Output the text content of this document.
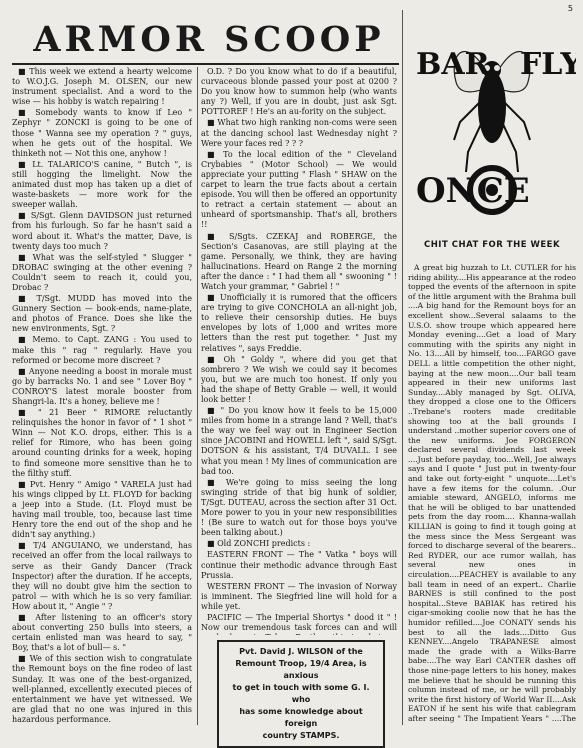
5
ARMOR SCOOP

■ This week we extend a hearty welcome to W.O.J.G. Joseph M. OLSEN, our new instrument specialist. And a word to the wise — his hobby is watch repairing !

■ Somebody wants to know if Leo " Zephyr " ZONCKI is going to be one of those " Wanna see my operation ? " guys, when he gets out of the hospital. We thinketh not — Not this one, anyhow !

■ Lt. TALARICO'S canine, " Butch ", is still hogging the limelight. Now the animated dust mop has taken up a diet of waste-baskets — more work for the sweeper wallah.

■ S/Sgt. Glenn DAVIDSON just returned from his furlough. So far he hasn't said a word about it. What's the matter, Dave, is twenty days too much ?

■ What was the self-styled " Slugger " DROBAC swinging at the other evening ? Couldn't seem to reach it, could you, Drobac ?

■ T/Sgt. MUDD has moved into the Gunnery Section — book-ends, name-plate, and photos of France. Does she like the new environments, Sgt. ?

■ Memo. to Capt. ZANG : You used to make this " rag " regularly. Have you reformed or become more discreet ?

■ Anyone needing a boost in morale must go by barracks No. 1 and see " Lover Boy " CONROY'S latest morale booster from Shangri-la. It's a honey, believe me !

■ " 21 Beer " RIMORE reluctantly relinquishes the honor in favor of " 1 shot " Winn — Not K.O. drops, either. This is a relief for Rimore, who has been going around counting drinks for a week, hoping to find someone more sensitive than he to the filthy stuff.

■ Pvt. Henry " Amigo " VARELA just had his wings clipped by Lt. FLOYD for backing a jeep into a Stude. (Lt. Floyd must be having mail trouble, too, because last time Henry tore the end out of the shop and he didn't say anything.)

■ T/4 ANGUIANO, we understand, has received an offer from the local railways to serve as their Gandy Dancer (Track Inspector) after the duration. If he accepts, they will no doubt give him the section to patrol — with which he is so very familiar. How about it, " Angie " ?

■ After listening to an officer's story about converting 250 bulls into steers, a certain enlisted man was heard to say, " Boy, that's a lot of bull— s. "

■ We of this section wish to congratulate the Remount boys on the fine rodeo of last Sunday. It was one of the best-organized, well-planned, excellently executed pieces of entertainment we have yet witnessed. We are glad that no one was injured in this hazardous performance.

O.D. ? Do you know what to do if a beautiful, curvaceous blonde passed your post at 0200 ? Do you know how to summon help (who wants any ?) Well, if you are in doubt, just ask Sgt. POTTOREF ! He's an au-fority on the subject.

■ What two high ranking non-coms were seen at the dancing school last Wednesday night ? Were your faces red ? ? ?

■ To the local edition of the " Cleveland Crybabies " (Motor School) — We would appreciate your putting " Flash " SHAW on the carpet to learn the true facts about a certain episode. You will then be offered an opportunity to retract a certain statement — about an unheard of sportsmanship. That's all, brothers !!

■ S/Sgts. CZEKAJ and ROBERGE, the Section's Casanovas, are still playing at the game. Personally, we think, they are having hallucinations. Heard on Range 2 the morning after the dance : " I had them all " swooning " ! Watch your grammar, " Gabriel ! "

■ Unofficially it is rumored that the officers are trying to give CONCHOLA an all-night job, to relieve their censorship duties. He buys envelopes by lots of 1,000 and writes more letters than the rest put together. " Just my relatives ", says Freddie.

■ Oh " Goldy ", where did you get that sombrero ? We wish we could say it becomes you, but we are much too honest. If only you had the shape of Betty Grable — well, it would look better !

■ " Do you know how it feels to be 15,000 miles from home in a strange land ? Well, that's the way we feel way out in Engineer Section since JACOBINI and HOWELL left ", said S/Sgt. DOTSON & his assistant, T/4 DUVALL. I see what you mean ! My lines of communication are bad too.

■ We're going to miss seeing the long swinging stride of that big hunk of soldier, T/Sgt. DUTEAU, across the section after 31 Oct. More power to you in your new responsibilities ! (Be sure to watch out for those boys you've been talking about.)

■ Old ZONCHI predicts :

EASTERN FRONT — The " Vatka " boys will continue their methodic advance through East Prussia.

WESTERN FRONT — The invasion of Norway is imminent. The Siegfried line will hold for a while yet.

PACIFIC — The Imperial Shortys " dood it " ! Now our tremendous task forces can and will

BAR FLY
ONCE
CHIT CHAT FOR THE WEEK

A great big huzzah to Lt. CUTLER for his riding ability....His appearance at the rodeo topped the events of the afternoon in spite of the little argument with the Brahma bull ....A big hand for the Remount boys for an excellent show...Several salaams to the U.S.O. show troupe which appeared here Monday evening....Get a load of Mary commuting with the spirits any night in No. 13....All by himself, too....FARGO gave DELL a little competition the other night, baying at the new moon....Our ball team appeared in their new uniforms last Sunday....Ably managed by Sgt. OLIVA, they dropped a close one to the Officers ..Trebane's rooters made creditable showing too at the ball grounds I understand ..mother superior covers one of the new uniforms. Joe FORGERON declared several dividends last week ....Just before payday, too...Well, Joe always says and I quote " Just put in twenty-four and take out forty-eight " unquote....Let's have a few items for the column. .Our amiable steward, ANGELO, informs me that he will be obliged to bar unattended pets from the day room.... Khanna-wallah KILLIAN is going to find it tough going at the mess since the Mess Sergeant was forced to discharge several of the bearers.. Red RYDER, our ace rumor wallah, has several new ones in circulation....PEACHEY is available to any ball team in need of an expert.. Charlie BARNES is still confined to the post hospital...Steve BABIAK has retired his cigar-smoking coolie now that he has the humidor refilled....Joe CONATY sends his best to all the lads....Ditto Gus KENNEY....Angelo TRAPANESE almost made the grade with a Wilks-Barre babe....The way Earl CANTER dashes off those nine-page letters to his honey, makes me believe that he should be running this column instead of me, or he will probably write the first history of World War II....Ask EATON if he sent his wife that cablegram after seeing " The Impatient Years " ....The

Pvt. David J. WILSON of the
Remount Troop, 19/4 Area, is anxious
to get in touch with some G. I. who
has some knowledge about foreign
country STAMPS.
